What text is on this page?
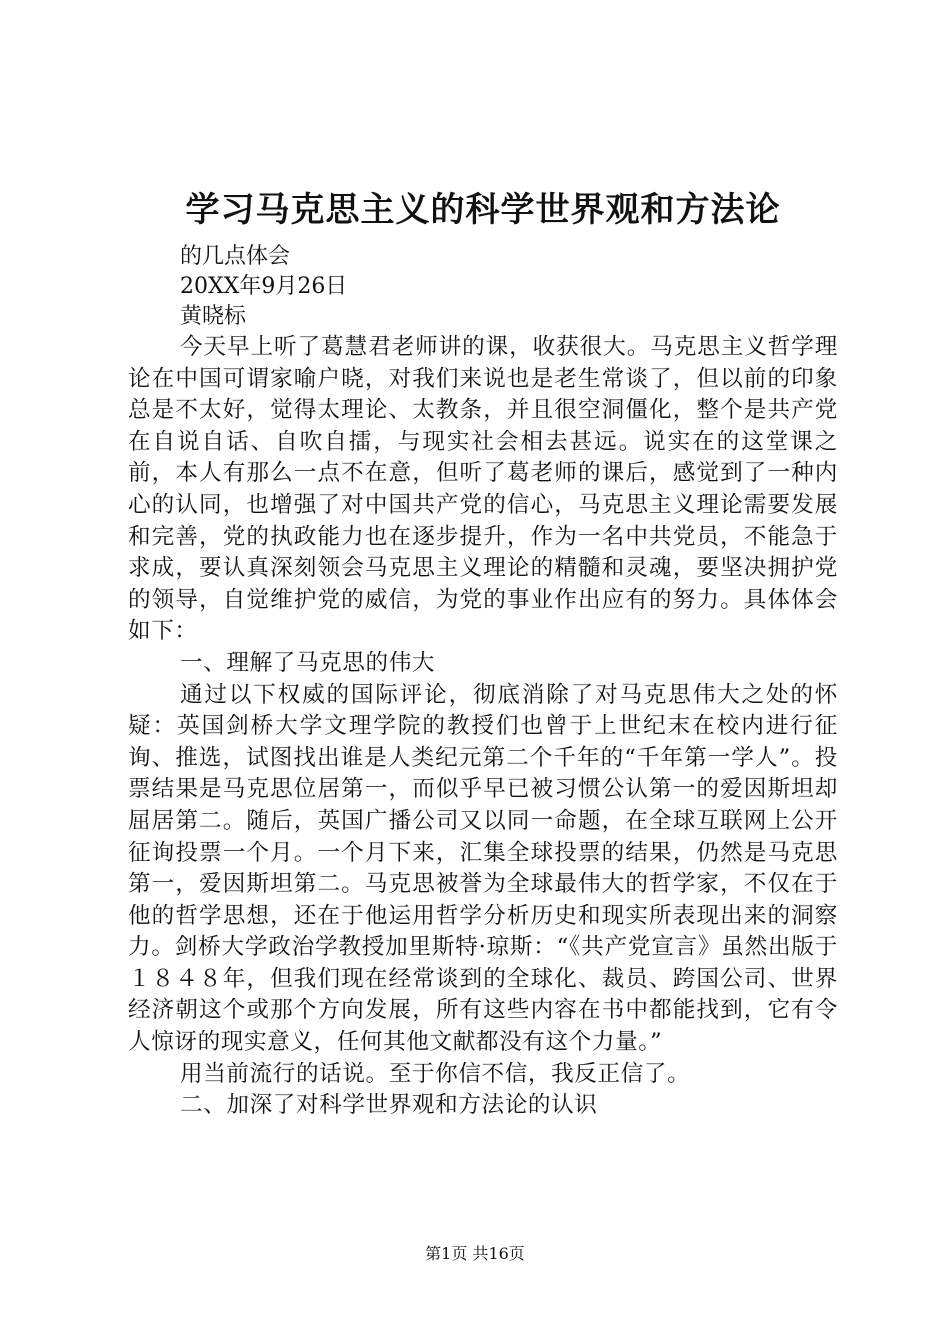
学习马克思主义的科学世界观和方法论

的几点体会

20XX年9月26日

黄晓标

今天早上听了葛慧君老师讲的课，收获很大。马克思主义哲学理论在中国可谓家喻户晓，对我们来说也是老生常谈了，但以前的印象总是不太好，觉得太理论、太教条，并且很空洞僵化，整个是共产党在自说自话、自吹自擂，与现实社会相去甚远。说实在的这堂课之前，本人有那么一点不在意，但听了葛老师的课后，感觉到了一种内心的认同，也增强了对中国共产党的信心，马克思主义理论需要发展和完善，党的执政能力也在逐步提升，作为一名中共党员，不能急于求成，要认真深刻领会马克思主义理论的精髓和灵魂，要坚决拥护党的领导，自觉维护党的威信，为党的事业作出应有的努力。具体体会如下：

一、理解了马克思的伟大

通过以下权威的国际评论，彻底消除了对马克思伟大之处的怀疑：英国剑桥大学文理学院的教授们也曾于上世纪末在校内进行征询、推选，试图找出谁是人类纪元第二个千年的“千年第一学人”。投票结果是马克思位居第一，而似乎早已被习惯公认第一的爱因斯坦却屈居第二。随后，英国广播公司又以同一命题，在全球互联网上公开征询投票一个月。一个月下来，汇集全球投票的结果，仍然是马克思第一，爱因斯坦第二。马克思被誉为全球最伟大的哲学家，不仅在于他的哲学思想，还在于他运用哲学分析历史和现实所表现出来的洞察力。剑桥大学政治学教授加里斯特·琼斯：“《共产党宣言》虽然出版于１８４８年，但我们现在经常谈到的全球化、裁员、跨国公司、世界经济朝这个或那个方向发展，所有这些内容在书中都能找到，它有令人惊讶的现实意义，任何其他文献都没有这个力量。”

用当前流行的话说。至于你信不信，我反正信了。

二、加深了对科学世界观和方法论的认识

第1页 共16页
